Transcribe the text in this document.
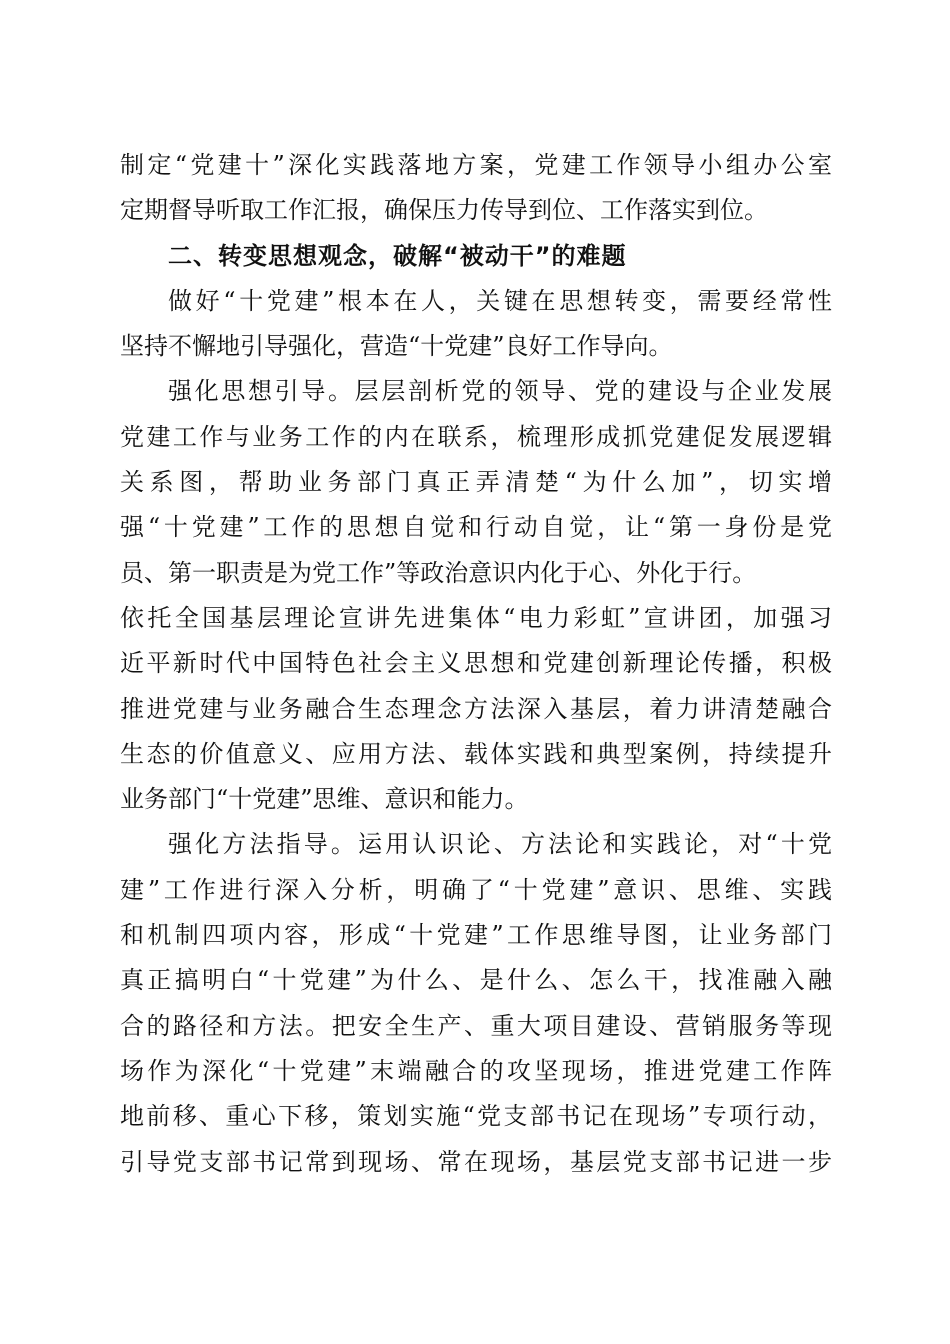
制定“党建十”深化实践落地方案，党建工作领导小组办公室
定期督导听取工作汇报，确保压力传导到位、工作落实到位。
二、转变思想观念，破解“被动干”的难题
做好“十党建”根本在人，关键在思想转变，需要经常性
坚持不懈地引导强化，营造“十党建”良好工作导向。
强化思想引导。层层剖析党的领导、党的建设与企业发展
党建工作与业务工作的内在联系，梳理形成抓党建促发展逻辑
关系图，帮助业务部门真正弄清楚“为什么加”，切实增
强“十党建”工作的思想自觉和行动自觉，让“第一身份是党
员、第一职责是为党工作”等政治意识内化于心、外化于行。
依托全国基层理论宣讲先进集体“电力彩虹”宣讲团，加强习
近平新时代中国特色社会主义思想和党建创新理论传播，积极
推进党建与业务融合生态理念方法深入基层，着力讲清楚融合
生态的价值意义、应用方法、载体实践和典型案例，持续提升
业务部门“十党建”思维、意识和能力。
强化方法指导。运用认识论、方法论和实践论，对“十党
建”工作进行深入分析，明确了“十党建”意识、思维、实践
和机制四项内容，形成“十党建”工作思维导图，让业务部门
真正搞明白“十党建”为什么、是什么、怎么干，找准融入融
合的路径和方法。把安全生产、重大项目建设、营销服务等现
场作为深化“十党建”末端融合的攻坚现场，推进党建工作阵
地前移、重心下移，策划实施“党支部书记在现场”专项行动，
引导党支部书记常到现场、常在现场，基层党支部书记进一步
